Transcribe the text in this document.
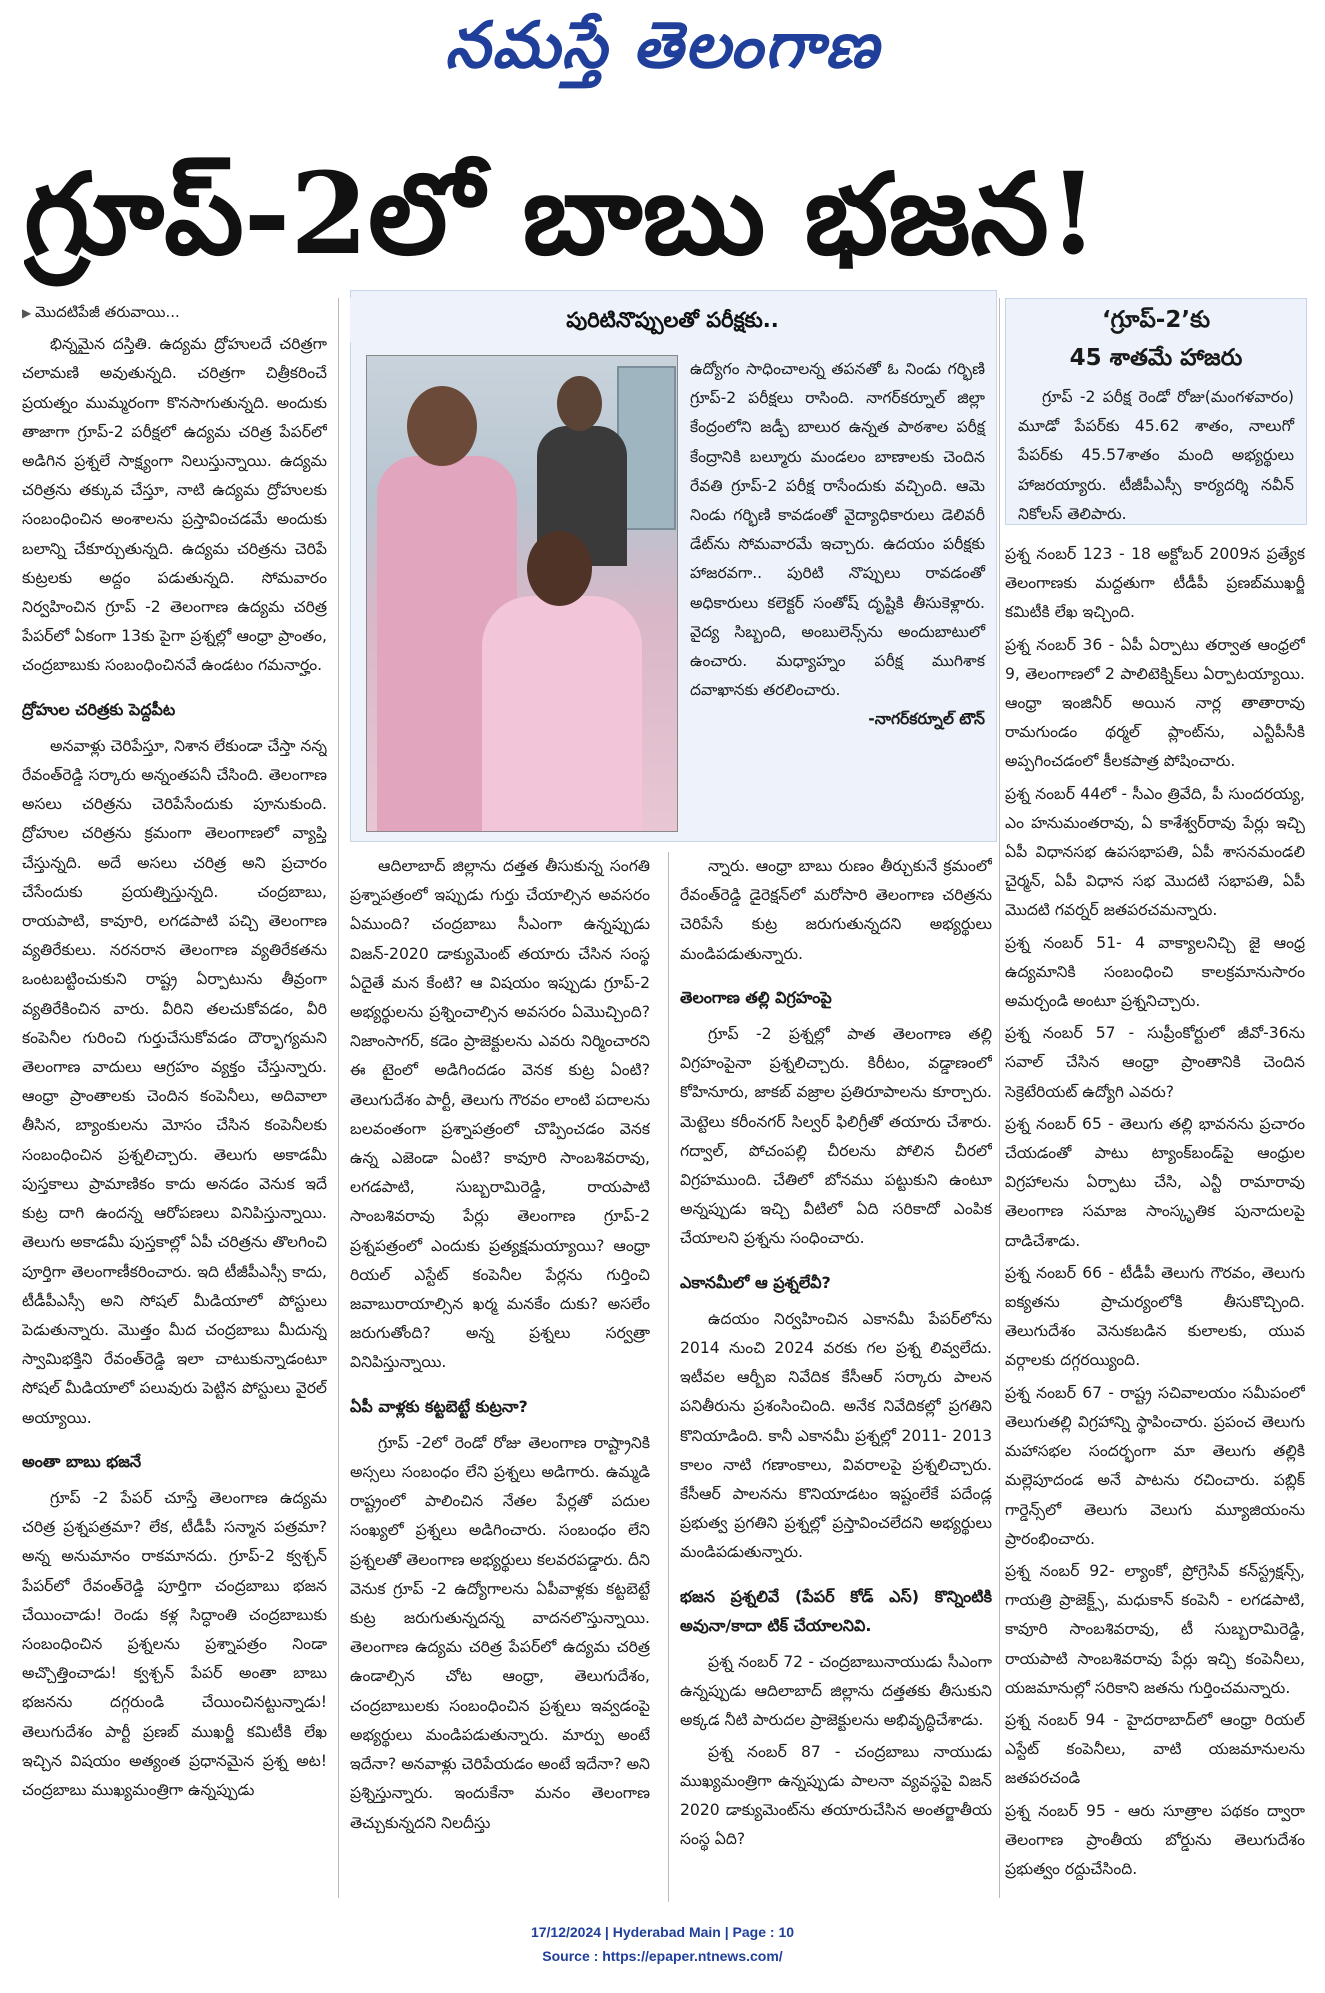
నమస్తే తెలంగాణ
గ్రూప్-2లో బాబు భజన!

▶ మొదటిపేజీ తరువాయి...

భిన్నమైన దస్తితి. ఉద్యమ ద్రోహులదే చరిత్రగా చలామణి అవుతున్నది. చరిత్రగా చిత్రీకరించే ప్రయత్నం ముమ్మరంగా కొనసాగుతున్నది. అందుకు తాజాగా గ్రూప్-2 పరీక్షలో ఉద్యమ చరిత్ర పేపర్‌లో అడిగిన ప్రశ్నలే సాక్ష్యంగా నిలుస్తున్నాయి. ఉద్యమ చరిత్రను తక్కువ చేస్తూ, నాటి ఉద్యమ ద్రోహులకు సంబంధించిన అంశాలను ప్రస్తావించడమే అందుకు బలాన్ని చేకూర్చుతున్నది. ఉద్యమ చరిత్రను చెరిపే కుట్రలకు అద్దం పడుతున్నది. సోమవారం నిర్వహించిన గ్రూప్ -2 తెలంగాణ ఉద్యమ చరిత్ర పేపర్‌లో ఏకంగా 13కు పైగా ప్రశ్నల్లో ఆంధ్రా ప్రాంతం, చంద్రబాబుకు సంబంధించినవే ఉండటం గమనార్హం.

ద్రోహుల చరిత్రకు పెద్దపీట

అనవాళ్లు చెరిపేస్తూ, నిశాన లేకుండా చేస్తా నన్న రేవంత్‌రెడ్డి సర్కారు అన్నంతపనీ చేసింది. తెలంగాణ అసలు చరిత్రను చెరిపేసేందుకు పూనుకుంది. ద్రోహుల చరిత్రను క్రమంగా తెలంగాణలో వ్యాప్తి చేస్తున్నది. అదే అసలు చరిత్ర అని ప్రచారం చేసేందుకు ప్రయత్నిస్తున్నది. చంద్రబాబు, రాయపాటి, కావూరి, లగడపాటి పచ్చి తెలంగాణ వ్యతిరేకులు. నరనరాన తెలంగాణ వ్యతిరేకతను ఒంటబట్టించుకుని రాష్ట్ర ఏర్పాటును తీవ్రంగా వ్యతిరేకించిన వారు. వీరిని తలచుకోవడం, వీరి కంపెనీల గురించి గుర్తుచేసుకోవడం దౌర్భాగ్యమని తెలంగాణ వాదులు ఆగ్రహం వ్యక్తం చేస్తున్నారు. ఆంధ్రా ప్రాంతాలకు చెందిన కంపెనీలు, అదివాలా తీసిన, బ్యాంకులను మోసం చేసిన కంపెనీలకు సంబంధించిన ప్రశ్నలిచ్చారు. తెలుగు అకాడమీ పుస్తకాలు ప్రామాణికం కాదు అనడం వెనుక ఇదే కుట్ర దాగి ఉందన్న ఆరోపణలు వినిపిస్తున్నాయి. తెలుగు అకాడమీ పుస్తకాల్లో ఏపీ చరిత్రను తొలగించి పూర్తిగా తెలంగాణీకరించారు. ఇది టీజీపీఎస్సీ కాదు, టీడీపీఎస్సీ అని సోషల్ మీడియాలో పోస్టులు పెడుతున్నారు. మొత్తం మీద చంద్రబాబు మీదున్న స్వామిభక్తిని రేవంత్‌రెడ్డి ఇలా చాటుకున్నాడంటూ సోషల్ మీడియాలో పలువురు పెట్టిన పోస్టులు వైరల్ అయ్యాయి.

అంతా బాబు భజనే

గ్రూప్ -2 పేపర్ చూస్తే తెలంగాణ ఉద్యమ చరిత్ర ప్రశ్నపత్రమా? లేక, టీడీపీ సన్మాన పత్రమా? అన్న అనుమానం రాకమానదు. గ్రూప్-2 క్వశ్చన్ పేపర్‌లో రేవంత్‌రెడ్డి పూర్తిగా చంద్రబాబు భజన చేయించాడు! రెండు కళ్ల సిద్ధాంతి చంద్రబాబుకు సంబంధించిన ప్రశ్నలను ప్రశ్నాపత్రం నిండా అచ్చొత్తించాడు! క్వశ్చన్ పేపర్ అంతా బాబు భజనను దగ్గరుండి చేయించినట్టున్నాడు! తెలుగుదేశం పార్టీ ప్రణబ్ ముఖర్జీ కమిటీకి లేఖ ఇచ్చిన విషయం అత్యంత ప్రధానమైన ప్రశ్న అట! చంద్రబాబు ముఖ్యమంత్రిగా ఉన్నప్పుడు

పురిటినొప్పులతో పరీక్షకు..

ఉద్యోగం సాధించాలన్న తపనతో ఓ నిండు గర్భిణి గ్రూప్-2 పరీక్షలు రాసింది. నాగర్‌కర్నూల్ జిల్లా కేంద్రంలోని జడ్పీ బాలుర ఉన్నత పాఠశాల పరీక్ష కేంద్రానికి బల్మూరు మండలం బాణాలకు చెందిన రేవతి గ్రూప్-2 పరీక్ష రాసేందుకు వచ్చింది. ఆమె నిండు గర్భిణి కావడంతో వైద్యాధికారులు డెలివరీ డేట్‌ను సోమవారమే ఇచ్చారు. ఉదయం పరీక్షకు హాజరవగా.. పురిటి నొప్పులు రావడంతో అధికారులు కలెక్టర్ సంతోష్ దృష్టికి తీసుకెళ్లారు. వైద్య సిబ్బంది, అంబులెన్స్‌ను అందుబాటులో ఉంచారు. మధ్యాహ్నం పరీక్ష ముగిశాక దవాఖానకు తరలించారు.

-నాగర్‌కర్నూల్ టౌన్

ఆదిలాబాద్ జిల్లాను దత్తత తీసుకున్న సంగతి ప్రశ్నాపత్రంలో ఇప్పుడు గుర్తు చేయాల్సిన అవసరం ఏముంది? చంద్రబాబు సీఎంగా ఉన్నప్పుడు విజన్-2020 డాక్యుమెంట్ తయారు చేసిన సంస్థ ఏదైతే మన కేంటి? ఆ విషయం ఇప్పుడు గ్రూప్-2 అభ్యర్థులను ప్రశ్నించాల్సిన అవసరం ఏమొచ్చింది? నిజాంసాగర్, కడెం ప్రాజెక్టులను ఎవరు నిర్మించారని ఈ టైంలో అడిగిందడం వెనక కుట్ర ఏంటి? తెలుగుదేశం పార్టీ, తెలుగు గౌరవం లాంటి పదాలను బలవంతంగా ప్రశ్నాపత్రంలో చొప్పించడం వెనక ఉన్న ఎజెండా ఏంటి? కావూరి సాంబశివరావు, లగడపాటి, సుబ్బరామిరెడ్డి, రాయపాటి సాంబశివరావు పేర్లు తెలంగాణ గ్రూప్-2 ప్రశ్నపత్రంలో ఎందుకు ప్రత్యక్షమయ్యాయి? ఆంధ్రా రియల్ ఎస్టేట్ కంపెనీల పేర్లను గుర్తించి జవాబురాయాల్సిన ఖర్మ మనకేం దుకు? అసలేం జరుగుతోంది? అన్న ప్రశ్నలు సర్వత్రా వినిపిస్తున్నాయి.

ఏపీ వాళ్లకు కట్టబెట్టే కుట్రనా?

గ్రూప్ -2లో రెండో రోజు తెలంగాణ రాష్ట్రానికి అస్సలు సంబంధం లేని ప్రశ్నలు అడిగారు. ఉమ్మడి రాష్ట్రంలో పాలించిన నేతల పేర్లతో పదుల సంఖ్యలో ప్రశ్నలు అడిగించారు. సంబంధం లేని ప్రశ్నలతో తెలంగాణ అభ్యర్థులు కలవరపడ్డారు. దీని వెనుక గ్రూప్ -2 ఉద్యోగాలను ఏపీవాళ్లకు కట్టబెట్టే కుట్ర జరుగుతున్నదన్న వాదనలొస్తున్నాయి. తెలంగాణ ఉద్యమ చరిత్ర పేపర్‌లో ఉద్యమ చరిత్ర ఉండాల్సిన చోట ఆంధ్రా, తెలుగుదేశం, చంద్రబాబులకు సంబంధించిన ప్రశ్నలు ఇవ్వడంపై అభ్యర్థులు మండిపడుతున్నారు. మార్పు అంటే ఇదేనా? అనవాళ్లు చెరిపేయడం అంటే ఇదేనా? అని ప్రశ్నిస్తున్నారు. ఇందుకేనా మనం తెలంగాణ తెచ్చుకున్నదని నిలదీస్తు

న్నారు. ఆంధ్రా బాబు రుణం తీర్చుకునే క్రమంలో రేవంత్‌రెడ్డి డైరెక్షన్‌లో మరోసారి తెలంగాణ చరిత్రను చెరిపేసే కుట్ర జరుగుతున్నదని అభ్యర్థులు మండిపడుతున్నారు.

తెలంగాణ తల్లి విగ్రహంపై

గ్రూప్ -2 ప్రశ్నల్లో పాత తెలంగాణ తల్లి విగ్రహంపైనా ప్రశ్నలిచ్చారు. కిరీటం, వడ్డాణంలో కోహినూరు, జాకబ్ వజ్రాల ప్రతిరూపాలను కూర్చారు. మెట్టెలు కరీంనగర్ సిల్వర్ ఫిలిగ్రీతో తయారు చేశారు. గద్వాల్, పోచంపల్లి చీరలను పోలిన చీరలో విగ్రహముంది. చేతిలో బోనము పట్టుకుని ఉంటూ అన్నప్పుడు ఇచ్చి వీటిలో ఏది సరికాదో ఎంపిక చేయాలని ప్రశ్నను సంధించారు.

ఎకానమీలో ఆ ప్రశ్నలేవీ?

ఉదయం నిర్వహించిన ఎకానమీ పేపర్‌లోను 2014 నుంచి 2024 వరకు గల ప్రశ్న లివ్వలేదు. ఇటీవల ఆర్బీఐ నివేదిక కేసీఆర్ సర్కారు పాలన పనితీరును ప్రశంసించింది. అనేక నివేదికల్లో ప్రగతిని కొనియాడింది. కానీ ఎకానమీ ప్రశ్నల్లో 2011- 2013 కాలం నాటి గణాంకాలు, వివరాలపై ప్రశ్నలిచ్చారు. కేసీఆర్ పాలనను కొనియాడటం ఇష్టంలేకే పదేండ్ల ప్రభుత్వ ప్రగతిని ప్రశ్నల్లో ప్రస్తావించలేదని అభ్యర్థులు మండిపడుతున్నారు.

భజన ప్రశ్నలివే (పేపర్ కోడ్ ఎస్) కొన్నింటికి అవునా/కాదా టిక్ చేయాలనివి.

ప్రశ్న నంబర్ 72 - చంద్రబాబునాయుడు సీఎంగా ఉన్నప్పుడు ఆదిలాబాద్ జిల్లాను దత్తతకు తీసుకుని అక్కడ నీటి పారుదల ప్రాజెక్టులను అభివృద్ధిచేశాడు.

ప్రశ్న నంబర్ 87 - చంద్రబాబు నాయుడు ముఖ్యమంత్రిగా ఉన్నప్పుడు పాలనా వ్యవస్థపై విజన్ 2020 డాక్యుమెంట్‌ను తయారుచేసిన అంతర్జాతీయ సంస్థ ఏది?

‘గ్రూప్-2’కు
45 శాతమే హాజరు
గ్రూప్ -2 పరీక్ష రెండో రోజు(మంగళవారం) మూడో పేపర్‌కు 45.62 శాతం, నాలుగో పేపర్‌కు 45.57శాతం మంది అభ్యర్థులు హాజరయ్యారు. టీజీపీఎస్సీ కార్యదర్శి నవీన్ నికోలస్ తెలిపారు.

ప్రశ్న నంబర్ 123 - 18 అక్టోబర్ 2009న ప్రత్యేక తెలంగాణకు మద్దతుగా టీడీపీ ప్రణబ్‌ముఖర్జీ కమిటీకి లేఖ ఇచ్చింది.

ప్రశ్న నంబర్ 36 - ఏపీ ఏర్పాటు తర్వాత ఆంధ్రలో 9, తెలంగాణలో 2 పాలిటెక్నిక్‌లు ఏర్పాటయ్యాయి. ఆంధ్రా ఇంజినీర్ అయిన నార్ల తాతారావు రామగుండం థర్మల్ ప్లాంట్‌ను, ఎన్టీపీసీకి అప్పగించడంలో కీలకపాత్ర పోషించారు.

ప్రశ్న నంబర్ 44లో - సీఎం త్రివేది, పీ సుందరయ్య, ఎం హనుమంతరావు, ఏ కాశేశ్వర్‌రావు పేర్లు ఇచ్చి ఏపీ విధానసభ ఉపసభాపతి, ఏపీ శాసనమండలి చైర్మన్, ఏపీ విధాన సభ మొదటి సభాపతి, ఏపీ మొదటి గవర్నర్ జతపరచమన్నారు.

ప్రశ్న నంబర్ 51- 4 వాక్యాలనిచ్చి జై ఆంధ్ర ఉద్యమానికి సంబంధించి కాలక్రమానుసారం అమర్చండి అంటూ ప్రశ్ననిచ్చారు.

ప్రశ్న నంబర్ 57 - సుప్రీంకోర్టులో జీవో-36ను సవాల్ చేసిన ఆంధ్రా ప్రాంతానికి చెందిన సెక్రెటేరియట్ ఉద్యోగి ఎవరు?

ప్రశ్న నంబర్ 65 - తెలుగు తల్లి భావనను ప్రచారం చేయడంతో పాటు ట్యాంక్‌బండ్‌పై ఆంధ్రుల విగ్రహాలను ఏర్పాటు చేసి, ఎన్టీ రామారావు తెలంగాణ సమాజ సాంస్కృతిక పునాదులపై దాడిచేశాడు.

ప్రశ్న నంబర్ 66 - టీడీపీ తెలుగు గౌరవం, తెలుగు ఐక్యతను ప్రాచుర్యంలోకి తీసుకొచ్చింది. తెలుగుదేశం వెనుకబడిన కులాలకు, యువ వర్గాలకు దగ్గరయ్యింది.

ప్రశ్న నంబర్ 67 - రాష్ట్ర సచివాలయం సమీపంలో తెలుగుతల్లి విగ్రహాన్ని స్థాపించారు. ప్రపంచ తెలుగు మహాసభల సందర్భంగా మా తెలుగు తల్లికి మల్లెపూదండ అనే పాటను రచించారు. పబ్లిక్ గార్డెన్స్‌లో తెలుగు వెలుగు మ్యూజియంను ప్రారంభించారు.

ప్రశ్న నంబర్ 92- ల్యాంకో, ప్రోగ్రెసివ్ కన్‌స్ట్రక్షన్స్, గాయత్రి ప్రాజెక్ట్స్, మధుకాన్ కంపెనీ - లగడపాటి, కావూరి సాంబశివరావు, టీ సుబ్బరామిరెడ్డి, రాయపాటి సాంబశివరావు పేర్లు ఇచ్చి కంపెనీలు, యజమానుల్లో సరికాని జతను గుర్తించమన్నారు.

ప్రశ్న నంబర్ 94 - హైదరాబాద్‌లో ఆంధ్రా రియల్ ఎస్టేట్ కంపెనీలు, వాటి యజమానులను జతపరచండి

ప్రశ్న నంబర్ 95 - ఆరు సూత్రాల పథకం ద్వారా తెలంగాణ ప్రాంతీయ బోర్డును తెలుగుదేశం ప్రభుత్వం రద్దుచేసింది.

17/12/2024 | Hyderabad Main | Page : 10
Source : https://epaper.ntnews.com/
